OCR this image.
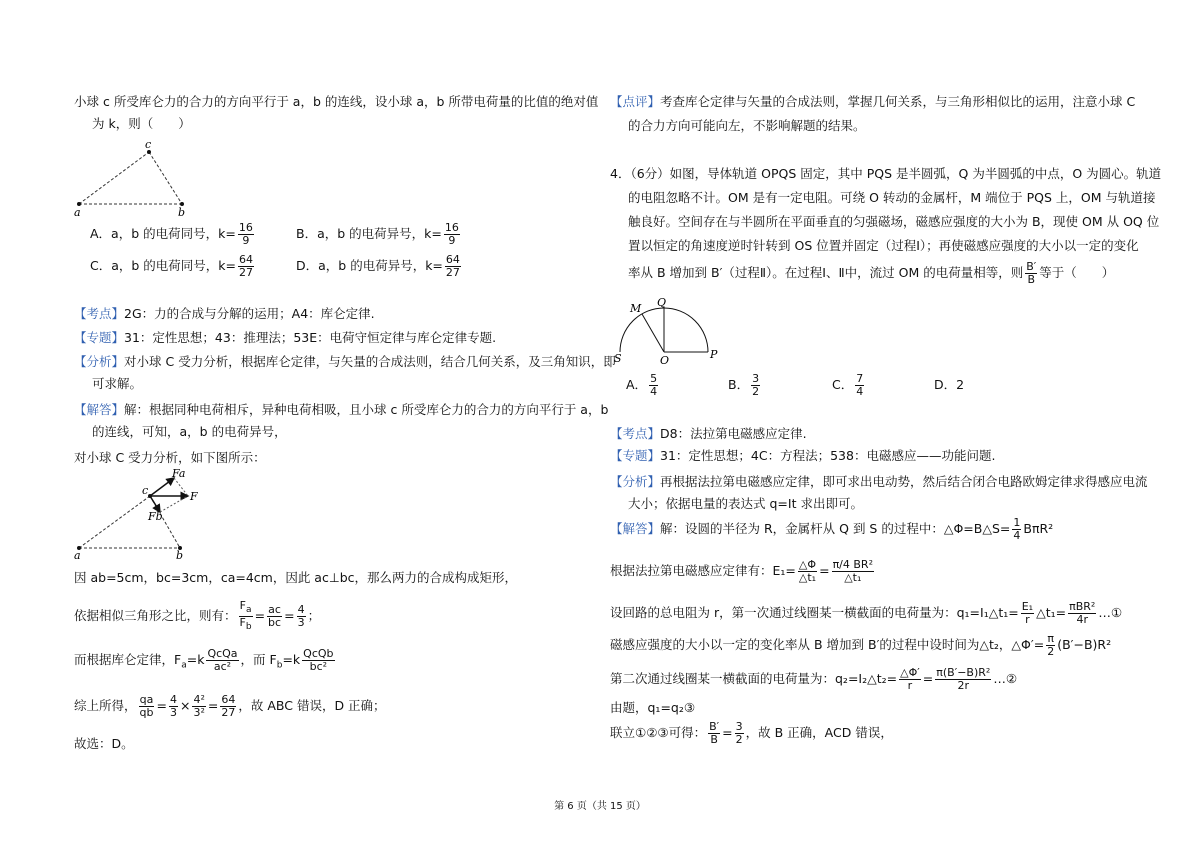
小球 c 所受库仑力的合力的方向平行于 a，b 的连线，设小球 a，b 所带电荷量的比值的绝对值
为 k，则（　　）
a	b
c
A．a，b 的电荷同号，$k= \frac{16}{9}$	B．a，b 的电荷异号，$k= \frac{16}{9}$
C．a，b 的电荷同号，$k= \frac{64}{27}$	D．a，b 的电荷异号，$k= \frac{64}{27}$
【考点】2G：力的合成与分解的运用；A4：库仑定律.
【专题】31：定性思想；43：推理法；53E：电荷守恒定律与库仑定律专题.
【分析】对小球 C 受力分析，根据库仑定律，与矢量的合成法则，结合几何关系，及三角知识，即
可求解。
【解答】解：根据同种电荷相斥，异种电荷相吸，且小球 c 所受库仑力的合力的方向平行于 a，b
的连线，可知，a，b 的电荷异号，
对小球 C 受力分析，如下图所示：
a	b
c
Fa
Fb
F
因 ab=5cm，bc=3cm，ca=4cm，因此 ac⊥bc，那么两力的合成构成矩形，
依据相似三角形之比，则有： $\frac{F_a}{F_b} = \frac{ac}{bc} = \frac{4}{3}$ ；
而根据库仑定律，$F_a=k \frac{\text{QcQa}}{\text{ac²}}$ ，而 $F_b=k \frac{\text{QcQb}}{\text{bc²}}$
综上所得， $\frac{qa}{qb} = \frac{4}{3} \times \frac{\text{4²}}{\text{3²}} = \frac{64}{27}$ ，故 ABC 错误，D 正确；
故选：D。
【点评】考查库仑定律与矢量的合成法则，掌握几何关系，与三角形相似比的运用，注意小球 C
的合力方向可能向左，不影响解题的结果。
4．（6分）如图，导体轨道 OPQS 固定，其中 PQS 是半圆弧，Q 为半圆弧的中点，O 为圆心。轨道
的电阻忽略不计。OM 是有一定电阻。可绕 O 转动的金属杆，M 端位于 PQS 上，OM 与轨道接
触良好。空间存在与半圆所在平面垂直的匀强磁场，磁感应强度的大小为 B，现使 OM 从 OQ 位
置以恒定的角速度逆时针转到 OS 位置并固定（过程Ⅰ）；再使磁感应强度的大小以一定的变化
率从 B 增加到 B′（过程Ⅱ）。在过程Ⅰ、Ⅱ中，流过 OM 的电荷量相等，则 $\frac{B'}{B}$ 等于（　　）
M Q
S	O	P
A． $\frac{5}{4}$	B． $\frac{3}{2}$	C． $\frac{7}{4}$	D．2
【考点】D8：法拉第电磁感应定律.
【专题】31：定性思想；4C：方程法；538：电磁感应——功能问题.
【分析】再根据法拉第电磁感应定律，即可求出电动势，然后结合闭合电路欧姆定律求得感应电流
大小；依据电量的表达式 q=It 求出即可。
【解答】解：设圆的半径为 R，金属杆从 Q 到 S 的过程中：△Φ=B△S= $\frac{1}{4} B\pi R^2$
根据法拉第电磁感应定律有：$E_1= \frac{\triangle\Phi}{\text{△t₁}} = \frac{\text{π/4 BR²}}{\text{△t₁}}$
设回路的总电阻为 r，第一次通过线圈某一横截面的电荷量为：q₁=I₁△t₁= $\frac{\text{E₁}}{r}$ △t₁= $\frac{\text{πBR²}}{4r}$ …①
磁感应强度的大小以一定的变化率从 B 增加到 B′的过程中设时间为△t₂，△Φ′= $\frac{\pi}{2} (B'-B)R^2$
第二次通过线圈某一横截面的电荷量为：q₂=I₂△t₂= $\frac{\triangle\Phi'}{r} = \frac{\text{π(B′−B)R²}}{2r}$ …②
由题，q₁=q₂③
联立①②③可得： $\frac{B'}{B} = \frac{3}{2}$ ，故 B 正确，ACD 错误，
第 6 页（共 15 页）
